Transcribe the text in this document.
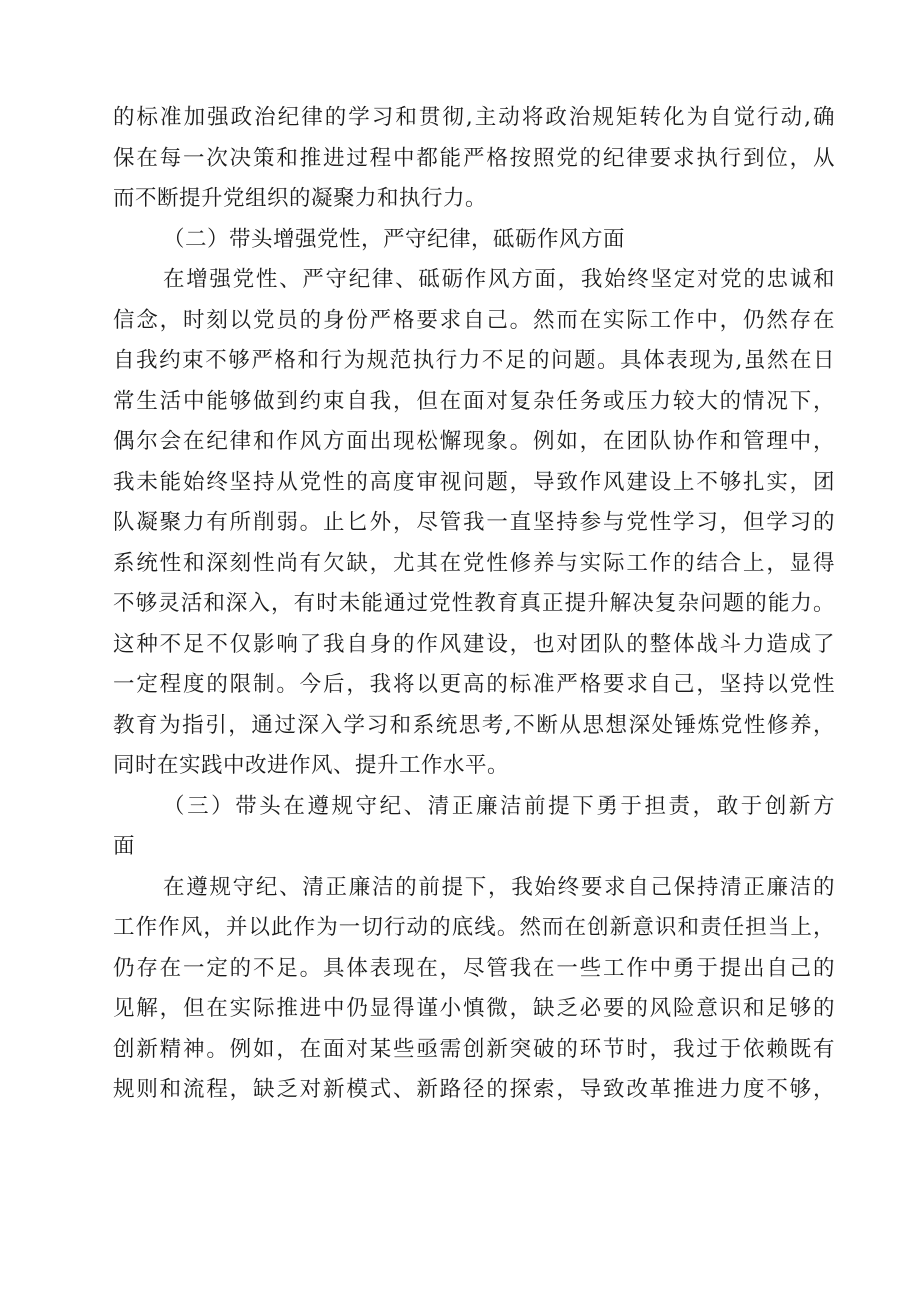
的标准加强政治纪律的学习和贯彻,主动将政治规矩转化为自觉行动,确
保在每一次决策和推进过程中都能严格按照党的纪律要求执行到位，从
而不断提升党组织的凝聚力和执行力。
（二）带头增强党性，严守纪律，砥砺作风方面
在增强党性、严守纪律、砥砺作风方面，我始终坚定对党的忠诚和
信念，时刻以党员的身份严格要求自己。然而在实际工作中，仍然存在
自我约束不够严格和行为规范执行力不足的问题。具体表现为,虽然在日
常生活中能够做到约束自我，但在面对复杂任务或压力较大的情况下，
偶尔会在纪律和作风方面出现松懈现象。例如，在团队协作和管理中，
我未能始终坚持从党性的高度审视问题，导致作风建设上不够扎实，团
队凝聚力有所削弱。止匕外，尽管我一直坚持参与党性学习，但学习的
系统性和深刻性尚有欠缺，尤其在党性修养与实际工作的结合上，显得
不够灵活和深入，有时未能通过党性教育真正提升解决复杂问题的能力。
这种不足不仅影响了我自身的作风建设，也对团队的整体战斗力造成了
一定程度的限制。今后，我将以更高的标准严格要求自己，坚持以党性
教育为指引，通过深入学习和系统思考,不断从思想深处锤炼党性修养，
同时在实践中改进作风、提升工作水平。
（三）带头在遵规守纪、清正廉洁前提下勇于担责，敢于创新方
面
在遵规守纪、清正廉洁的前提下，我始终要求自己保持清正廉洁的
工作作风，并以此作为一切行动的底线。然而在创新意识和责任担当上，
仍存在一定的不足。具体表现在，尽管我在一些工作中勇于提出自己的
见解，但在实际推进中仍显得谨小慎微，缺乏必要的风险意识和足够的
创新精神。例如，在面对某些亟需创新突破的环节时，我过于依赖既有
规则和流程，缺乏对新模式、新路径的探索，导致改革推进力度不够，
